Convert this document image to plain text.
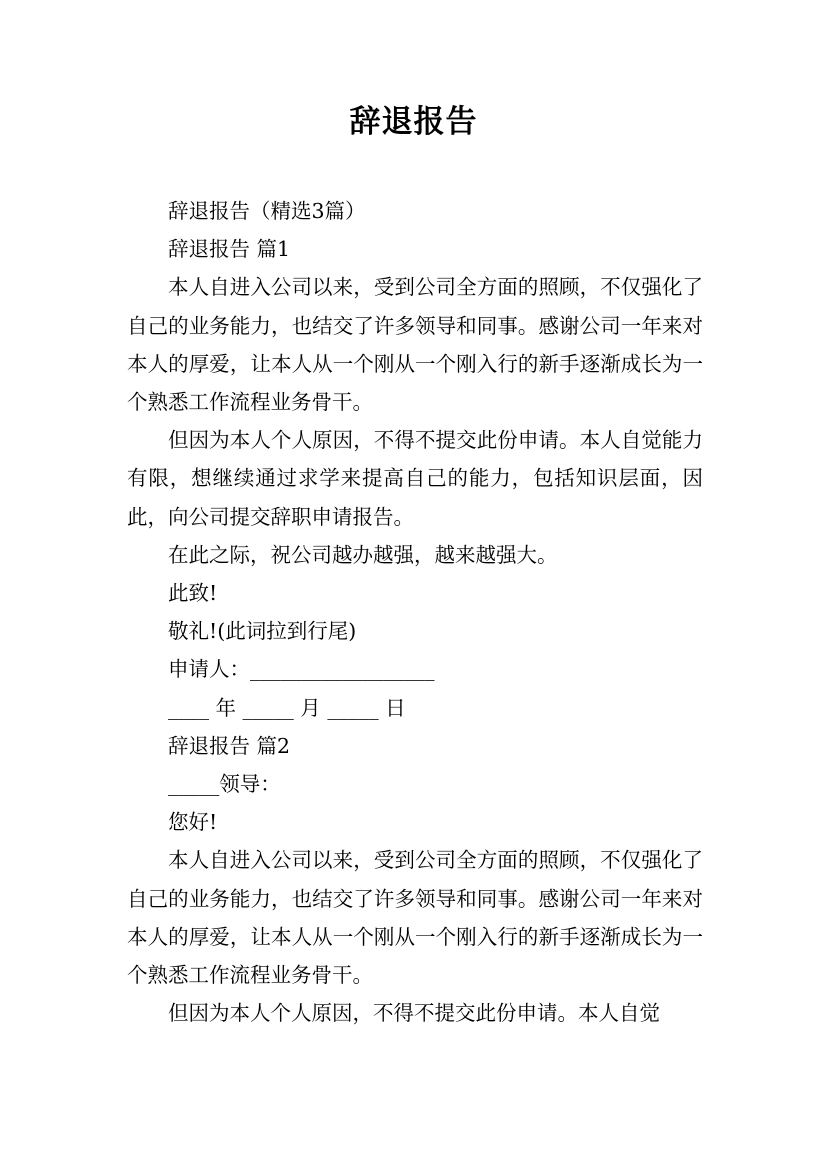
辞退报告

辞退报告（精选3篇）

辞退报告 篇1

本人自进入公司以来，受到公司全方面的照顾，不仅强化了自己的业务能力，也结交了许多领导和同事。感谢公司一年来对本人的厚爱，让本人从一个刚从一个刚入行的新手逐渐成长为一个熟悉工作流程业务骨干。

但因为本人个人原因，不得不提交此份申请。本人自觉能力有限，想继续通过求学来提高自己的能力，包括知识层面，因此，向公司提交辞职申请报告。

在此之际，祝公司越办越强，越来越强大。

此致!

敬礼!(此词拉到行尾)

申请人：__________________

____ 年 _____ 月 _____ 日

辞退报告 篇2

_____领导：

您好!

本人自进入公司以来，受到公司全方面的照顾，不仅强化了自己的业务能力，也结交了许多领导和同事。感谢公司一年来对本人的厚爱，让本人从一个刚从一个刚入行的新手逐渐成长为一个熟悉工作流程业务骨干。

但因为本人个人原因，不得不提交此份申请。本人自觉
